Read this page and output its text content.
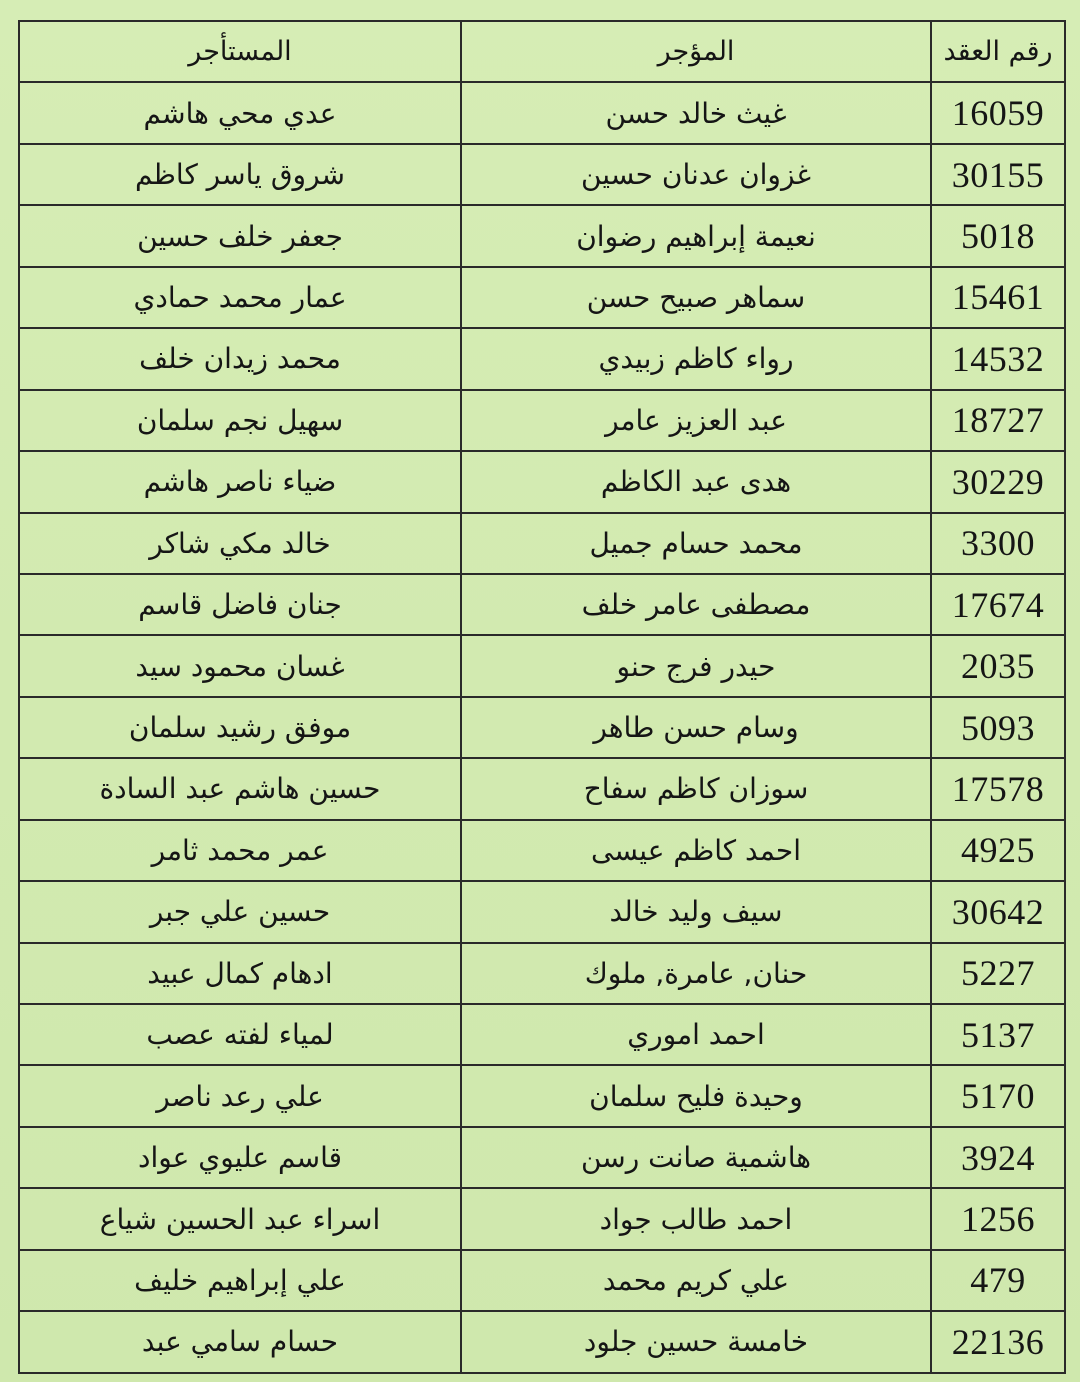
رقم العقد	المؤجر	المستأجر
16059	غيث خالد حسن	عدي محي هاشم
30155	غزوان عدنان حسين	شروق ياسر كاظم
5018	نعيمة إبراهيم رضوان	جعفر خلف حسين
15461	سماهر صبيح حسن	عمار محمد حمادي
14532	رواء كاظم زبيدي	محمد زيدان خلف
18727	عبد العزيز عامر	سهيل نجم سلمان
30229	هدى عبد الكاظم	ضياء ناصر هاشم
3300	محمد حسام جميل	خالد مكي شاكر
17674	مصطفى عامر خلف	جنان فاضل قاسم
2035	حيدر فرج حنو	غسان محمود سيد
5093	وسام حسن طاهر	موفق رشيد سلمان
17578	سوزان كاظم سفاح	حسين هاشم عبد السادة
4925	احمد كاظم عيسى	عمر محمد ثامر
30642	سيف وليد خالد	حسين علي جبر
5227	حنان, عامرة, ملوك	ادهام كمال عبيد
5137	احمد اموري	لمياء لفته عصب
5170	وحيدة فليح سلمان	علي رعد ناصر
3924	هاشمية صانت رسن	قاسم عليوي عواد
1256	احمد طالب جواد	اسراء عبد الحسين شياع
479	علي كريم محمد	علي إبراهيم خليف
22136	خامسة حسين جلود	حسام سامي عبد
